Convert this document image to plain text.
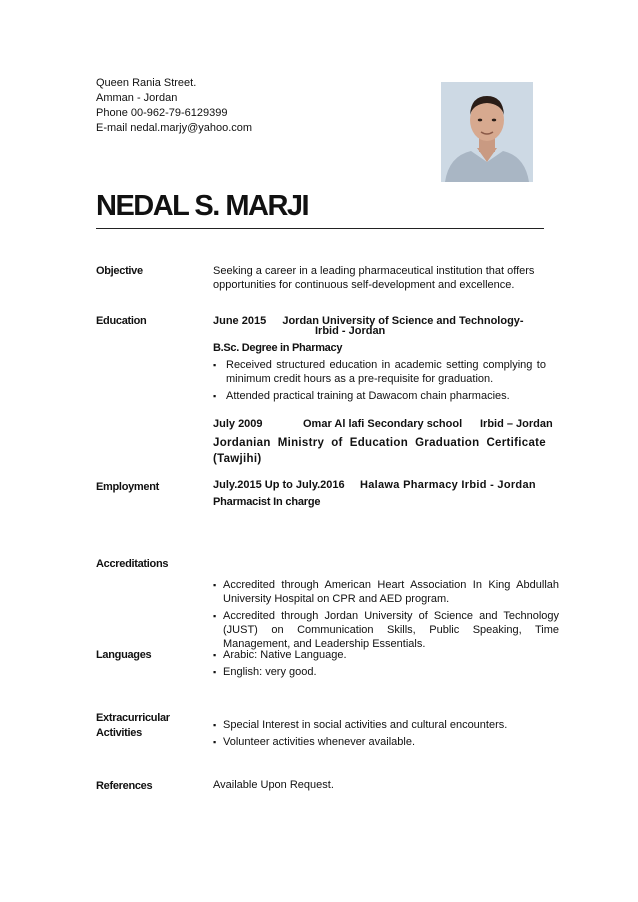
Queen Rania Street.
Amman - Jordan
Phone 00-962-79-6129399
E-mail nedal.marjy@yahoo.com
NEDAL S. MARJI
Objective	Seeking a career in a leading pharmaceutical institution that offers opportunities for continuous self-development and excellence.
Education	June 2015 Jordan University of Science and Technology-
Irbid - Jordan
B.Sc. Degree in Pharmacy
▪ Received structured education in academic setting complying to minimum credit hours as a pre-requisite for graduation.
▪ Attended practical training at Dawacom chain pharmacies.
July 2009	Omar Al lafi Secondary school Irbid – Jordan
Jordanian Ministry of Education Graduation Certificate (Tawjihi)
Employment	July.2015 Up to July.2016 Halawa Pharmacy Irbid - Jordan
Pharmacist In charge
Accreditations
▪ Accredited through American Heart Association In King Abdullah University Hospital on CPR and AED program.
▪ Accredited through Jordan University of Science and Technology (JUST) on Communication Skills, Public Speaking, Time Management, and Leadership Essentials.
Languages
▪	Arabic: Native Language.
▪ English: very good.
Extracurricular
Activities
▪ Special Interest in social activities and cultural encounters.
▪ Volunteer activities whenever available.
References	Available Upon Request.
